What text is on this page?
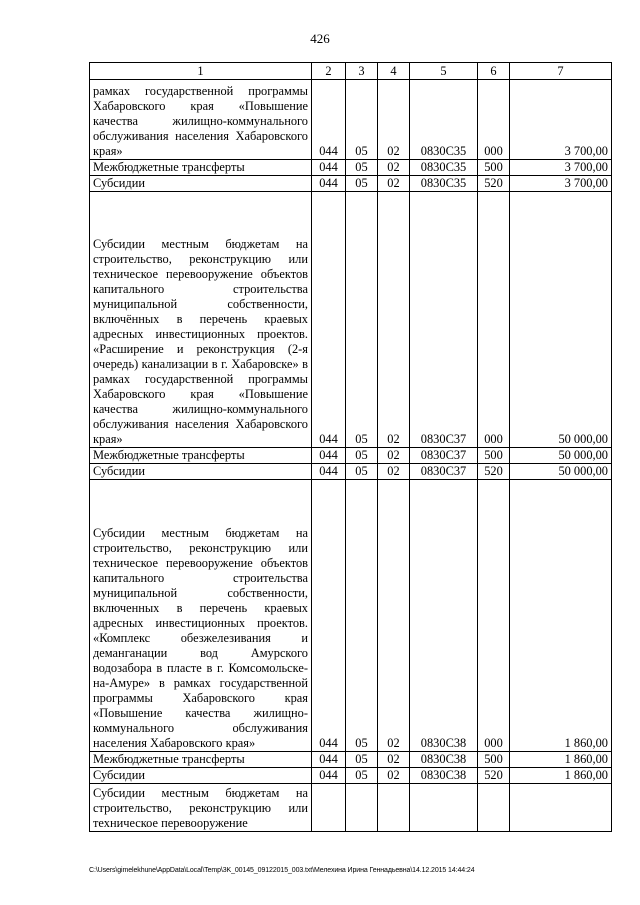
426
1	2	3	4	5	6	7

рамках государственной программы Хабаровского края «Повышение качества жилищно-коммунального обслуживания населения Хабаровского края»	044	05	02	0830С35	000	3 700,00

Межбюджетные трансферты	044	05	02	0830С35	500	3 700,00

Субсидии	044	05	02	0830С35	520	3 700,00

Субсидии местным бюджетам на строительство, реконструкцию или техническое перевооружение объектов капитального строительства муниципальной собственности, включённых в перечень краевых адресных инвестиционных проектов. «Расширение и реконструкция (2-я очередь) канализации в г. Хабаровске» в рамках государственной программы Хабаровского края «Повышение качества жилищно-коммунального обслуживания населения Хабаровского края»	044	05	02	0830С37	000	50 000,00

Межбюджетные трансферты	044	05	02	0830С37	500	50 000,00

Субсидии	044	05	02	0830С37	520	50 000,00

Субсидии местным бюджетам на строительство, реконструкцию или техническое перевооружение объектов капитального строительства муниципальной собственности, включенных в перечень краевых адресных инвестиционных проектов. «Комплекс обезжелезивания и деманганации вод Амурского водозабора в пласте в г. Комсомольске-на-Амуре» в рамках государственной программы Хабаровского края «Повышение качества жилищно-коммунального обслуживания населения Хабаровского края»	044	05	02	0830С38	000	1 860,00

Межбюджетные трансферты	044	05	02	0830С38	500	1 860,00

Субсидии	044	05	02	0830С38	520	1 860,00

Субсидии местным бюджетам на строительство, реконструкцию или техническое перевооружение						

C:\Users\gimelekhune\AppData\Local\Temp\3K_00145_09122015_003.txt\Мелехина Ирина Геннадьевна\14.12.2015 14:44:24
